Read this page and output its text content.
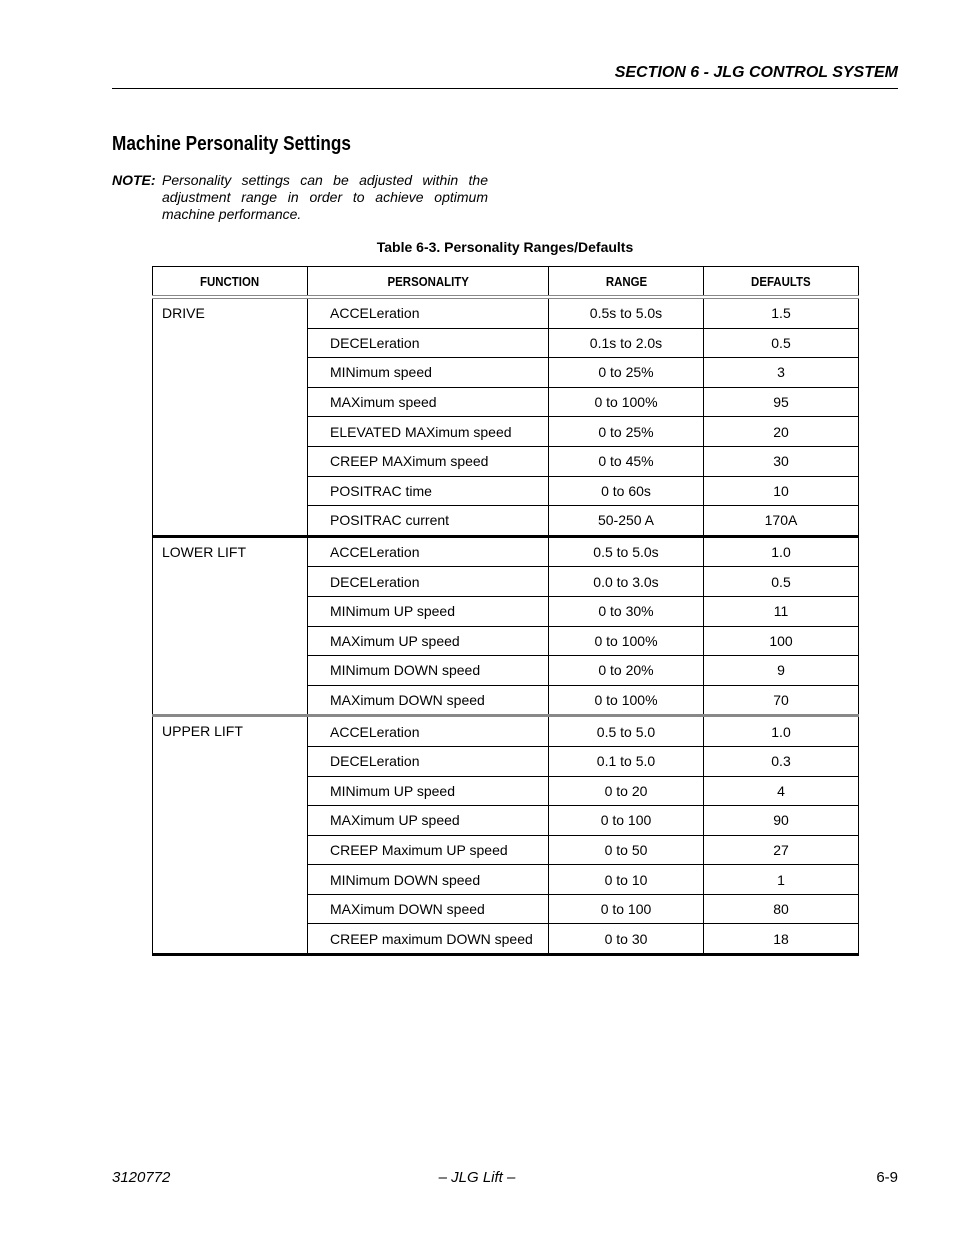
SECTION 6 - JLG CONTROL SYSTEM
Machine Personality Settings
NOTE: Personality settings can be adjusted within the adjustment range in order to achieve optimum machine performance.
Table 6-3. Personality Ranges/Defaults
FUNCTION	PERSONALITY	RANGE	DEFAULTS
DRIVE	ACCELeration	0.5s to 5.0s	1.5
	DECELeration	0.1s to 2.0s	0.5
	MINimum speed	0 to 25%	3
	MAXimum speed	0 to 100%	95
	ELEVATED MAXimum speed	0 to 25%	20
	CREEP MAXimum speed	0 to 45%	30
	POSITRAC time	0 to 60s	10
	POSITRAC current	50-250 A	170A
LOWER LIFT	ACCELeration	0.5 to 5.0s	1.0
	DECELeration	0.0 to 3.0s	0.5
	MINimum UP speed	0 to 30%	11
	MAXimum UP speed	0 to 100%	100
	MINimum DOWN speed	0 to 20%	9
	MAXimum DOWN speed	0 to 100%	70
UPPER LIFT	ACCELeration	0.5 to 5.0	1.0
	DECELeration	0.1 to 5.0	0.3
	MINimum UP speed	0 to 20	4
	MAXimum UP speed	0 to 100	90
	CREEP Maximum UP speed	0 to 50	27
	MINimum DOWN speed	0 to 10	1
	MAXimum DOWN speed	0 to 100	80
	CREEP maximum DOWN speed	0 to 30	18
3120772	– JLG Lift –	6-9
